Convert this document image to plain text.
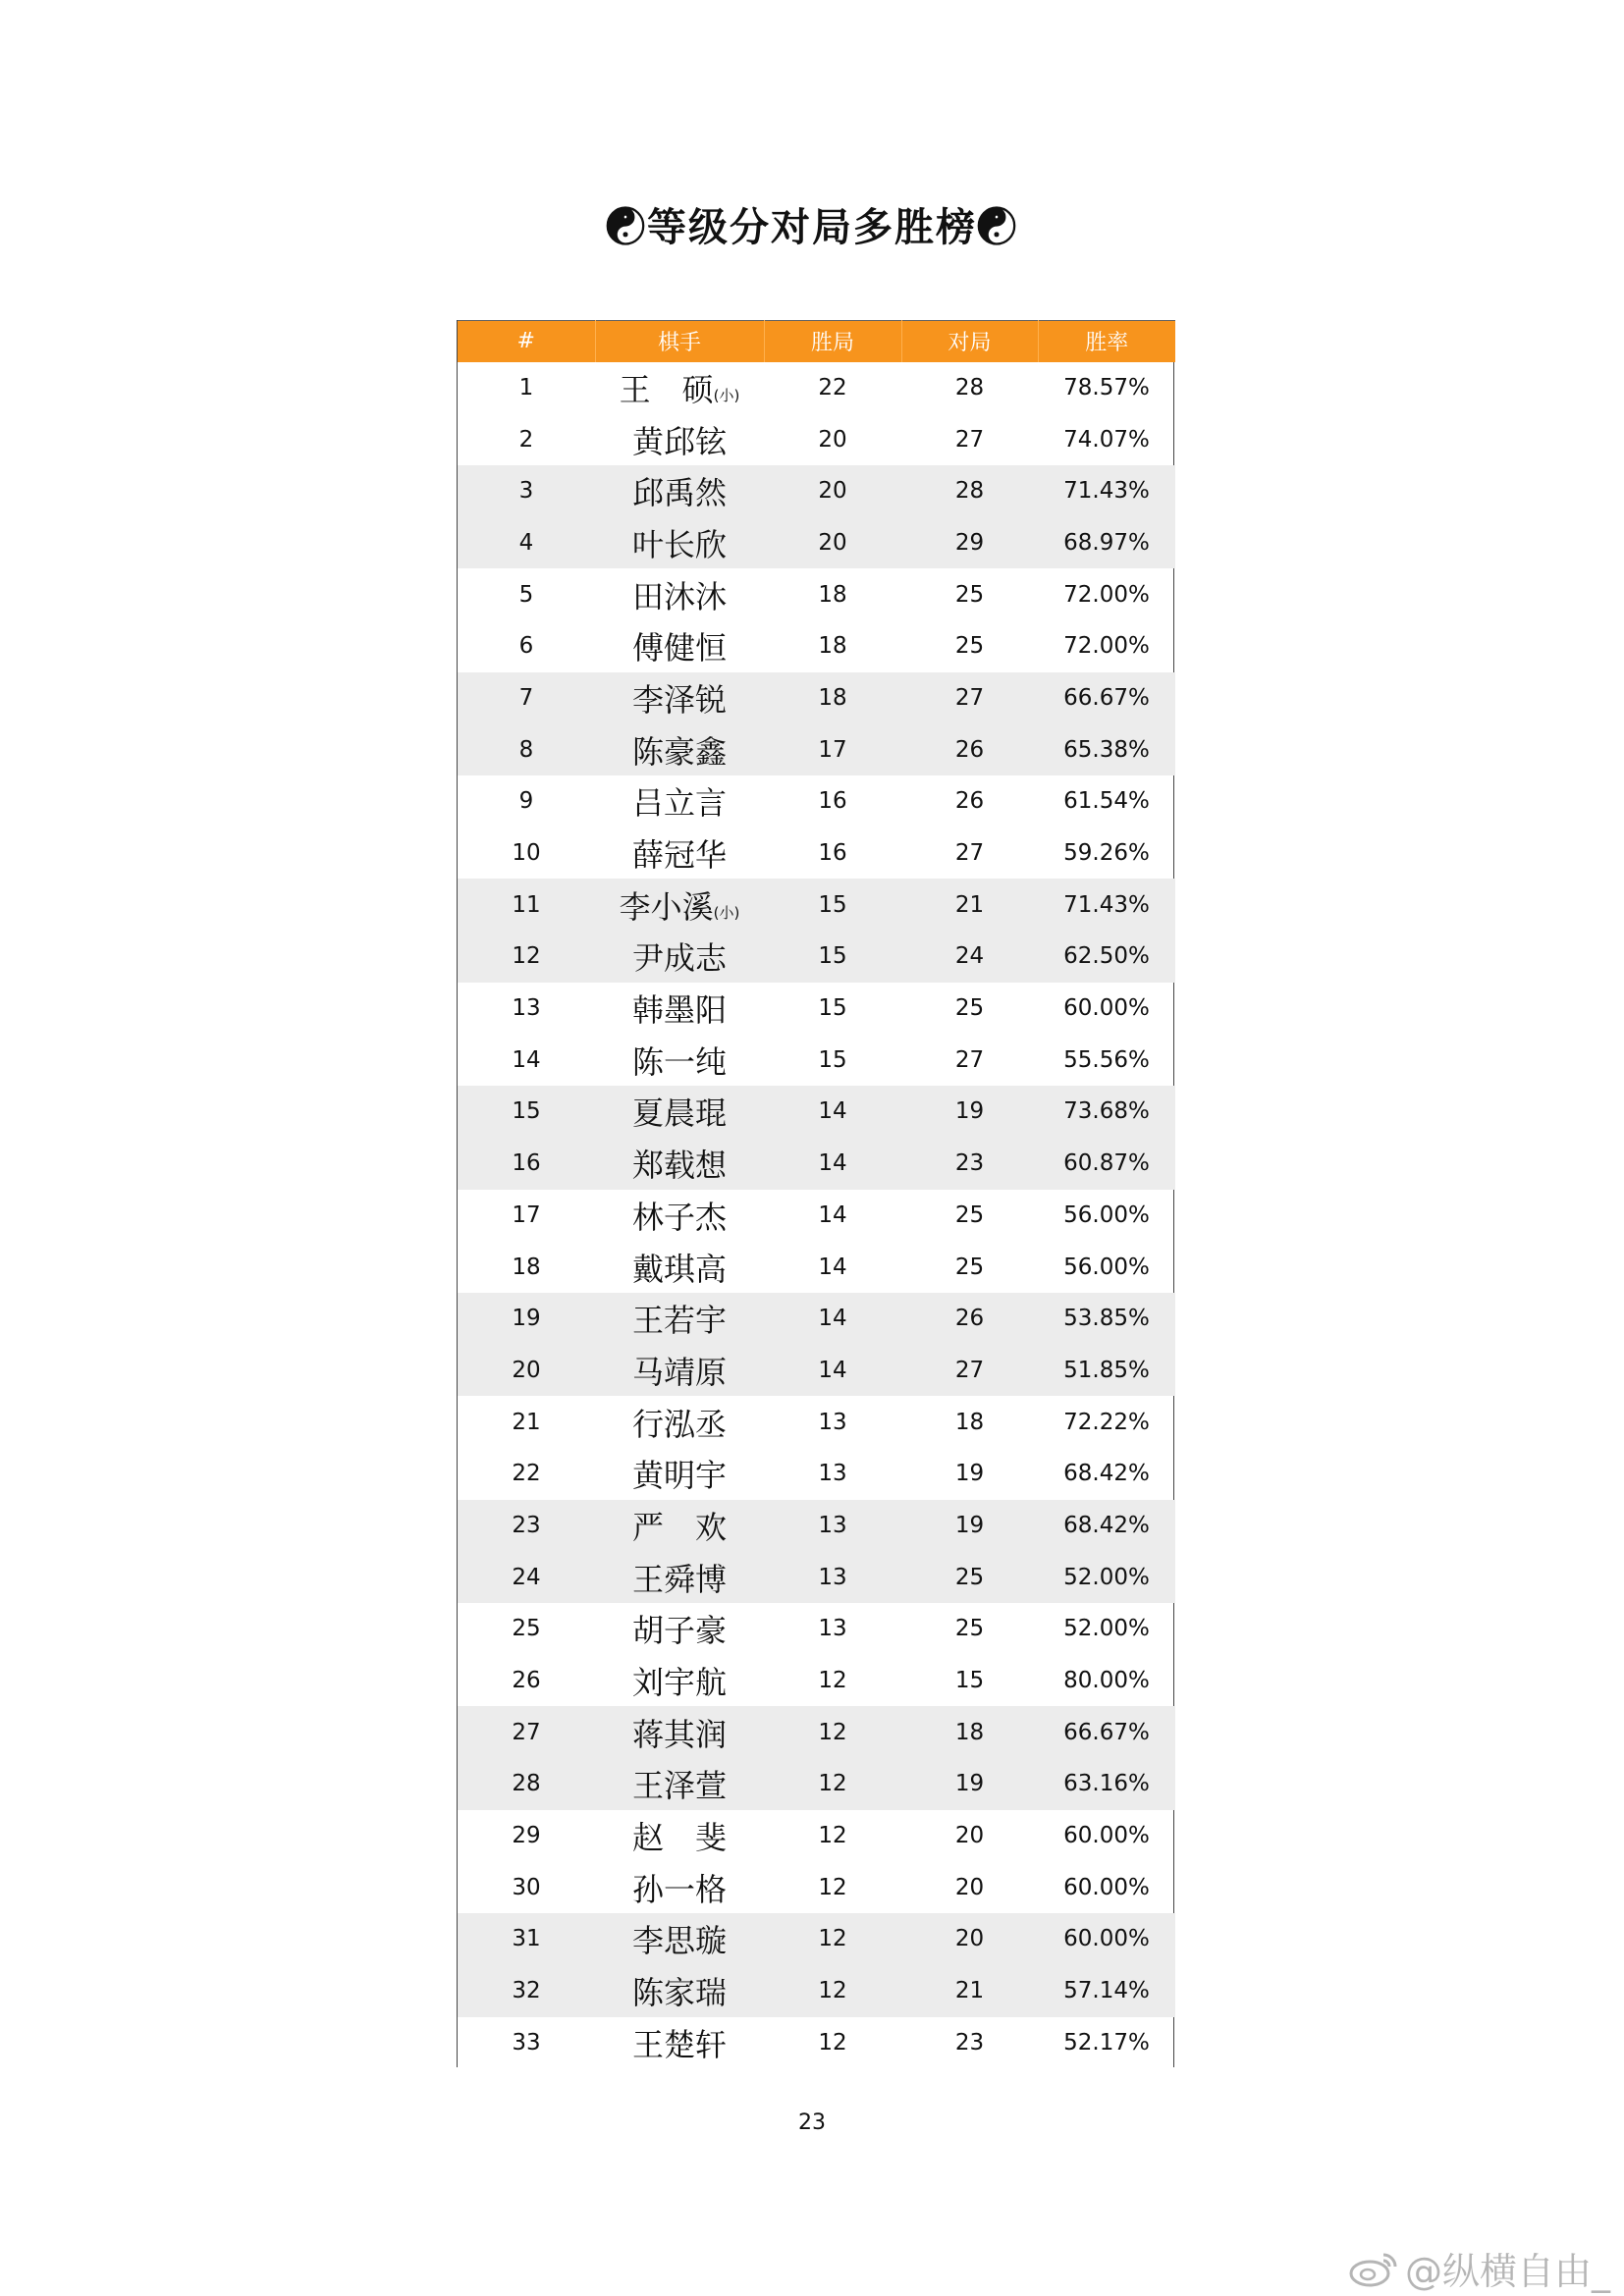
☯等级分对局多胜榜☯
#	棋手	胜局	对局	胜率
1	王　硕(小)	22	28	78.57%
2	黄邱铉	20	27	74.07%
3	邱禹然	20	28	71.43%
4	叶长欣	20	29	68.97%
5	田沐沐	18	25	72.00%
6	傅健恒	18	25	72.00%
7	李泽锐	18	27	66.67%
8	陈豪鑫	17	26	65.38%
9	吕立言	16	26	61.54%
10	薛冠华	16	27	59.26%
11	李小溪(小)	15	21	71.43%
12	尹成志	15	24	62.50%
13	韩墨阳	15	25	60.00%
14	陈一纯	15	27	55.56%
15	夏晨琨	14	19	73.68%
16	郑载想	14	23	60.87%
17	林子杰	14	25	56.00%
18	戴琪高	14	25	56.00%
19	王若宇	14	26	53.85%
20	马靖原	14	27	51.85%
21	行泓丞	13	18	72.22%
22	黄明宇	13	19	68.42%
23	严　欢	13	19	68.42%
24	王舜博	13	25	52.00%
25	胡子豪	13	25	52.00%
26	刘宇航	12	15	80.00%
27	蒋其润	12	18	66.67%
28	王泽萱	12	19	63.16%
29	赵　斐	12	20	60.00%
30	孙一格	12	20	60.00%
31	李思璇	12	20	60.00%
32	陈家瑞	12	21	57.14%
33	王楚轩	12	23	52.17%
23
@纵横自由_
